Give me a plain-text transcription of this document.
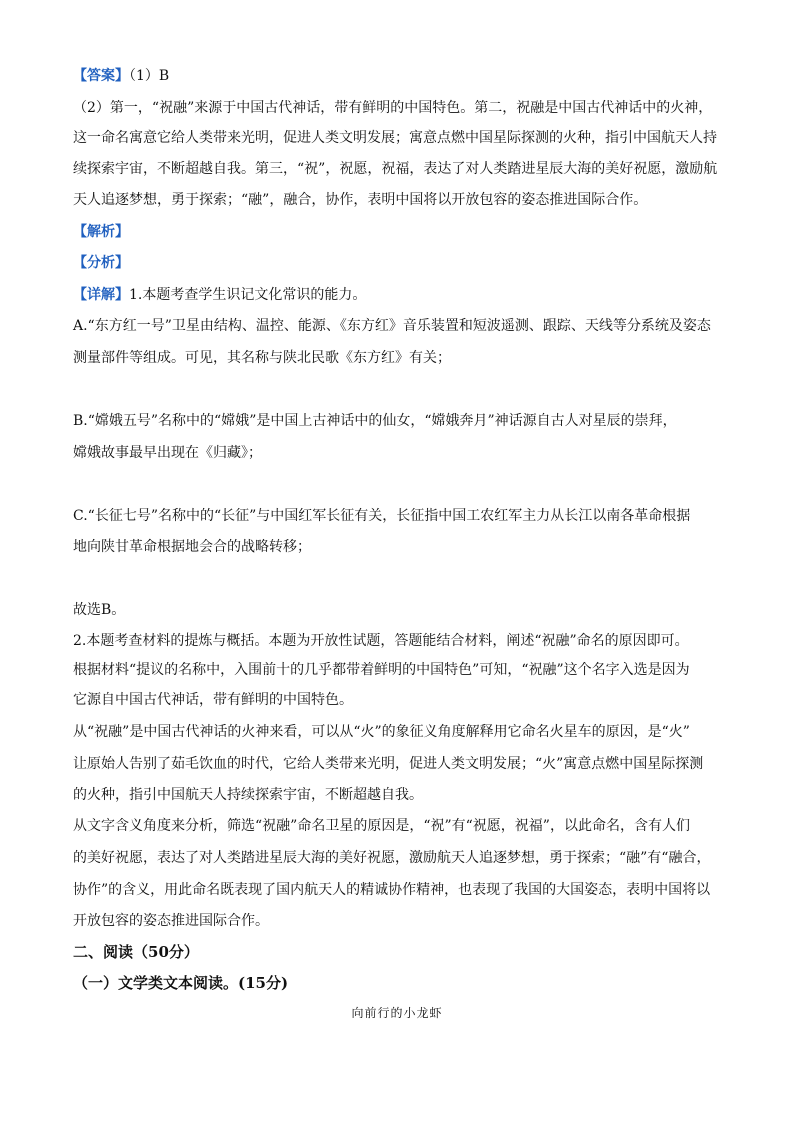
【答案】（1）B
（2）第一，“祝融”来源于中国古代神话，带有鲜明的中国特色。第二，祝融是中国古代神话中的火神，
这一命名寓意它给人类带来光明，促进人类文明发展；寓意点燃中国星际探测的火种，指引中国航天人持
续探索宇宙，不断超越自我。第三，“祝”，祝愿，祝福，表达了对人类踏进星辰大海的美好祝愿，激励航
天人追逐梦想，勇于探索；“融”，融合，协作，表明中国将以开放包容的姿态推进国际合作。
【解析】
【分析】
【详解】1.本题考查学生识记文化常识的能力。
A.“东方红一号”卫星由结构、温控、能源、《东方红》音乐装置和短波遥测、跟踪、天线等分系统及姿态
测量部件等组成。可见，其名称与陕北民歌《东方红》有关；
B.“嫦娥五号”名称中的“嫦娥”是中国上古神话中的仙女，“嫦娥奔月”神话源自古人对星辰的崇拜，
嫦娥故事最早出现在《归藏》；
C.“长征七号”名称中的“长征”与中国红军长征有关，长征指中国工农红军主力从长江以南各革命根据
地向陕甘革命根据地会合的战略转移；
故选B。
2.本题考查材料的提炼与概括。本题为开放性试题，答题能结合材料，阐述“祝融”命名的原因即可。
根据材料“提议的名称中，入围前十的几乎都带着鲜明的中国特色”可知，“祝融”这个名字入选是因为
它源自中国古代神话，带有鲜明的中国特色。
从“祝融”是中国古代神话的火神来看，可以从“火”的象征义角度解释用它命名火星车的原因，是“火”
让原始人告别了茹毛饮血的时代，它给人类带来光明，促进人类文明发展；“火”寓意点燃中国星际探测
的火种，指引中国航天人持续探索宇宙，不断超越自我。
从文字含义角度来分析，筛选“祝融”命名卫星的原因是，“祝”有“祝愿，祝福”，以此命名，含有人们
的美好祝愿，表达了对人类踏进星辰大海的美好祝愿，激励航天人追逐梦想，勇于探索；“融”有“融合，
协作”的含义，用此命名既表现了国内航天人的精诚协作精神，也表现了我国的大国姿态，表明中国将以
开放包容的姿态推进国际合作。
二、阅读（50分）
（一）文学类文本阅读。(15分)
向前行的小龙虾
